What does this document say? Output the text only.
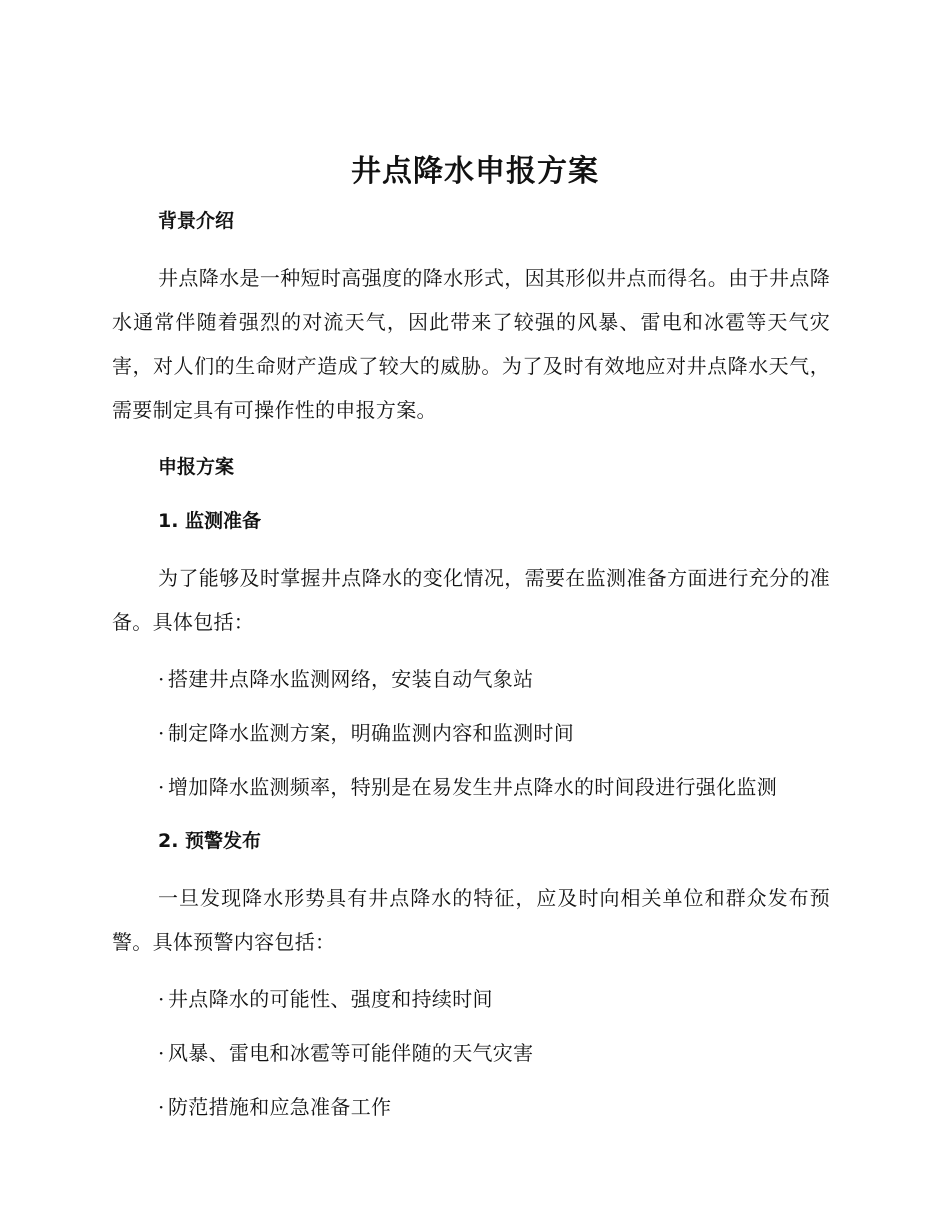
井点降水申报方案
背景介绍

井点降水是一种短时高强度的降水形式，因其形似井点而得名。由于井点降水通常伴随着强烈的对流天气，因此带来了较强的风暴、雷电和冰雹等天气灾害，对人们的生命财产造成了较大的威胁。为了及时有效地应对井点降水天气，需要制定具有可操作性的申报方案。

申报方案
1. 监测准备

为了能够及时掌握井点降水的变化情况，需要在监测准备方面进行充分的准备。具体包括：

· 搭建井点降水监测网络，安装自动气象站
· 制定降水监测方案，明确监测内容和监测时间
· 增加降水监测频率，特别是在易发生井点降水的时间段进行强化监测
2. 预警发布

一旦发现降水形势具有井点降水的特征，应及时向相关单位和群众发布预警。具体预警内容包括：

· 井点降水的可能性、强度和持续时间
· 风暴、雷电和冰雹等可能伴随的天气灾害
· 防范措施和应急准备工作
